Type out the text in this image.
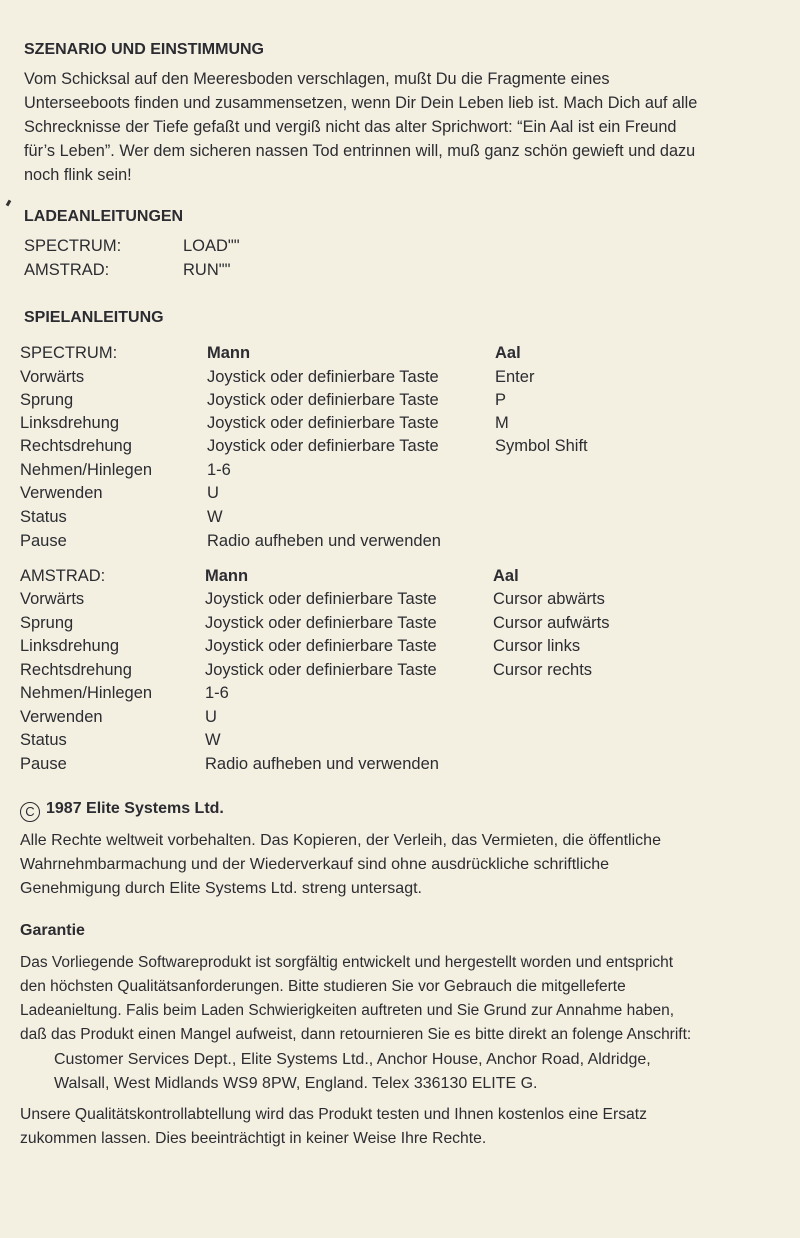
SZENARIO UND EINSTIMMUNG
Vom Schicksal auf den Meeresboden verschlagen, mußt Du die Fragmente eines
Unterseeboots finden und zusammensetzen, wenn Dir Dein Leben lieb ist. Mach Dich auf alle
Schrecknisse der Tiefe gefaßt und vergiß nicht das alter Sprichwort: “Ein Aal ist ein Freund
für’s Leben”. Wer dem sicheren nassen Tod entrinnen will, muß ganz schön gewieft und dazu
noch flink sein!
LADEANLEITUNGEN
SPECTRUM:	LOAD""
AMSTRAD:	RUN""
SPIELANLEITUNG
SPECTRUM:	Mann	Aal
Vorwärts	Joystick oder definierbare Taste	Enter
Sprung	Joystick oder definierbare Taste	P
Linksdrehung	Joystick oder definierbare Taste	M
Rechtsdrehung	Joystick oder definierbare Taste	Symbol Shift
Nehmen/Hinlegen	1-6
Verwenden	U
Status	W
Pause	Radio aufheben und verwenden
AMSTRAD:	Mann	Aal
Vorwärts	Joystick oder definierbare Taste	Cursor abwärts
Sprung	Joystick oder definierbare Taste	Cursor aufwärts
Linksdrehung	Joystick oder definierbare Taste	Cursor links
Rechtsdrehung	Joystick oder definierbare Taste	Cursor rechts
Nehmen/Hinlegen	1-6
Verwenden	U
Status	W
Pause	Radio aufheben und verwenden
C 1987 Elite Systems Ltd.
Alle Rechte weltweit vorbehalten. Das Kopieren, der Verleih, das Vermieten, die öffentliche
Wahrnehmbarmachung und der Wiederverkauf sind ohne ausdrückliche schriftliche
Genehmigung durch Elite Systems Ltd. streng untersagt.
Garantie
Das Vorliegende Softwareprodukt ist sorgfältig entwickelt und hergestellt worden und entspricht
den höchsten Qualitätsanforderungen. Bitte studieren Sie vor Gebrauch die mitgelleferte
Ladeanieltung. Falis beim Laden Schwierigkeiten auftreten und Sie Grund zur Annahme haben,
daß das Produkt einen Mangel aufweist, dann retournieren Sie es bitte direkt an folenge Anschrift:
Customer Services Dept., Elite Systems Ltd., Anchor House, Anchor Road, Aldridge,
Walsall, West Midlands WS9 8PW, England. Telex 336130 ELITE G.
Unsere Qualitätskontrollabtellung wird das Produkt testen und Ihnen kostenlos eine Ersatz
zukommen lassen. Dies beeinträchtigt in keiner Weise Ihre Rechte.
